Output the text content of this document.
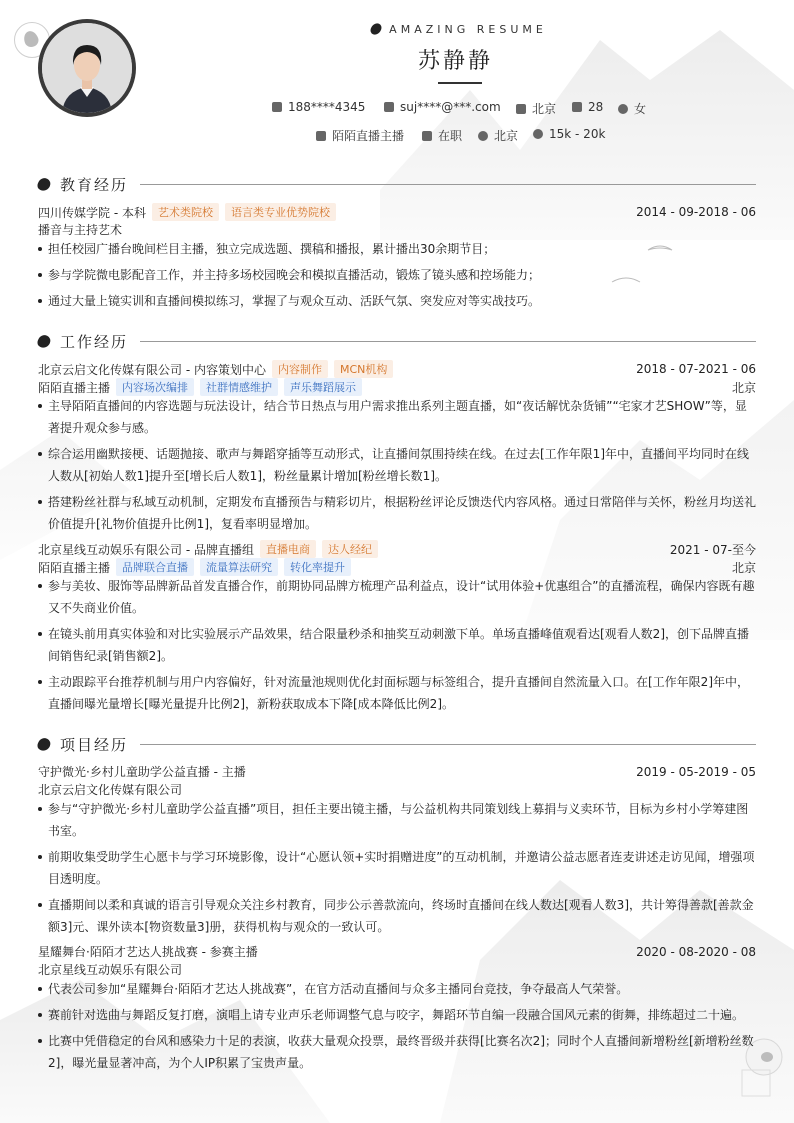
AMAZING RESUME
苏静静
188****4345	suj****@***.com	北京	28	女
陌陌直播主播	在职	北京	15k - 20k
教育经历
四川传媒学院 - 本科	艺术类院校	语言类专业优势院校	2014 - 09-2018 - 06
播音与主持艺术
担任校园广播台晚间栏目主播，独立完成选题、撰稿和播报，累计播出30余期节目；
参与学院微电影配音工作，并主持多场校园晚会和模拟直播活动，锻炼了镜头感和控场能力；
通过大量上镜实训和直播间模拟练习，掌握了与观众互动、活跃气氛、突发应对等实战技巧。
工作经历
北京云启文化传媒有限公司 - 内容策划中心	内容制作	MCN机构	2018 - 07-2021 - 06
陌陌直播主播	内容场次编排	社群情感维护	声乐舞蹈展示	北京
主导陌陌直播间的内容选题与玩法设计，结合节日热点与用户需求推出系列主题直播，如“夜话解忧杂货铺”“宅家才艺SHOW”等，显著提升观众参与感。
综合运用幽默接梗、话题抛接、歌声与舞蹈穿插等互动形式，让直播间氛围持续在线。在过去[工作年限1]年中，直播间平均同时在线人数从[初始人数1]提升至[增长后人数1]，粉丝量累计增加[粉丝增长数1]。
搭建粉丝社群与私域互动机制，定期发布直播预告与精彩切片，根据粉丝评论反馈迭代内容风格。通过日常陪伴与关怀，粉丝月均送礼价值提升[礼物价值提升比例1]，复看率明显增加。
北京星线互动娱乐有限公司 - 品牌直播组	直播电商	达人经纪	2021 - 07-至今
陌陌直播主播	品牌联合直播	流量算法研究	转化率提升	北京
参与美妆、服饰等品牌新品首发直播合作，前期协同品牌方梳理产品利益点，设计“试用体验+优惠组合”的直播流程，确保内容既有趣又不失商业价值。
在镜头前用真实体验和对比实验展示产品效果，结合限量秒杀和抽奖互动刺激下单。单场直播峰值观看达[观看人数2]，创下品牌直播间销售纪录[销售额2]。
主动跟踪平台推荐机制与用户内容偏好，针对流量池规则优化封面标题与标签组合，提升直播间自然流量入口。在[工作年限2]年中，直播间曝光量增长[曝光量提升比例2]，新粉获取成本下降[成本降低比例2]。
项目经历
守护微光·乡村儿童助学公益直播 - 主播	2019 - 05-2019 - 05
北京云启文化传媒有限公司
参与“守护微光·乡村儿童助学公益直播”项目，担任主要出镜主播，与公益机构共同策划线上募捐与义卖环节，目标为乡村小学筹建图书室。
前期收集受助学生心愿卡与学习环境影像，设计“心愿认领+实时捐赠进度”的互动机制，并邀请公益志愿者连麦讲述走访见闻，增强项目透明度。
直播期间以柔和真诚的语言引导观众关注乡村教育，同步公示善款流向，终场时直播间在线人数达[观看人数3]，共计筹得善款[善款金额3]元、课外读本[物资数量3]册，获得机构与观众的一致认可。
星耀舞台·陌陌才艺达人挑战赛 - 参赛主播	2020 - 08-2020 - 08
北京星线互动娱乐有限公司
代表公司参加“星耀舞台·陌陌才艺达人挑战赛”，在官方活动直播间与众多主播同台竞技，争夺最高人气荣誉。
赛前针对选曲与舞蹈反复打磨，演唱上请专业声乐老师调整气息与咬字，舞蹈环节自编一段融合国风元素的街舞，排练超过二十遍。
比赛中凭借稳定的台风和感染力十足的表演，收获大量观众投票，最终晋级并获得[比赛名次2]；同时个人直播间新增粉丝[新增粉丝数2]，曝光量显著冲高，为个人IP积累了宝贵声量。
